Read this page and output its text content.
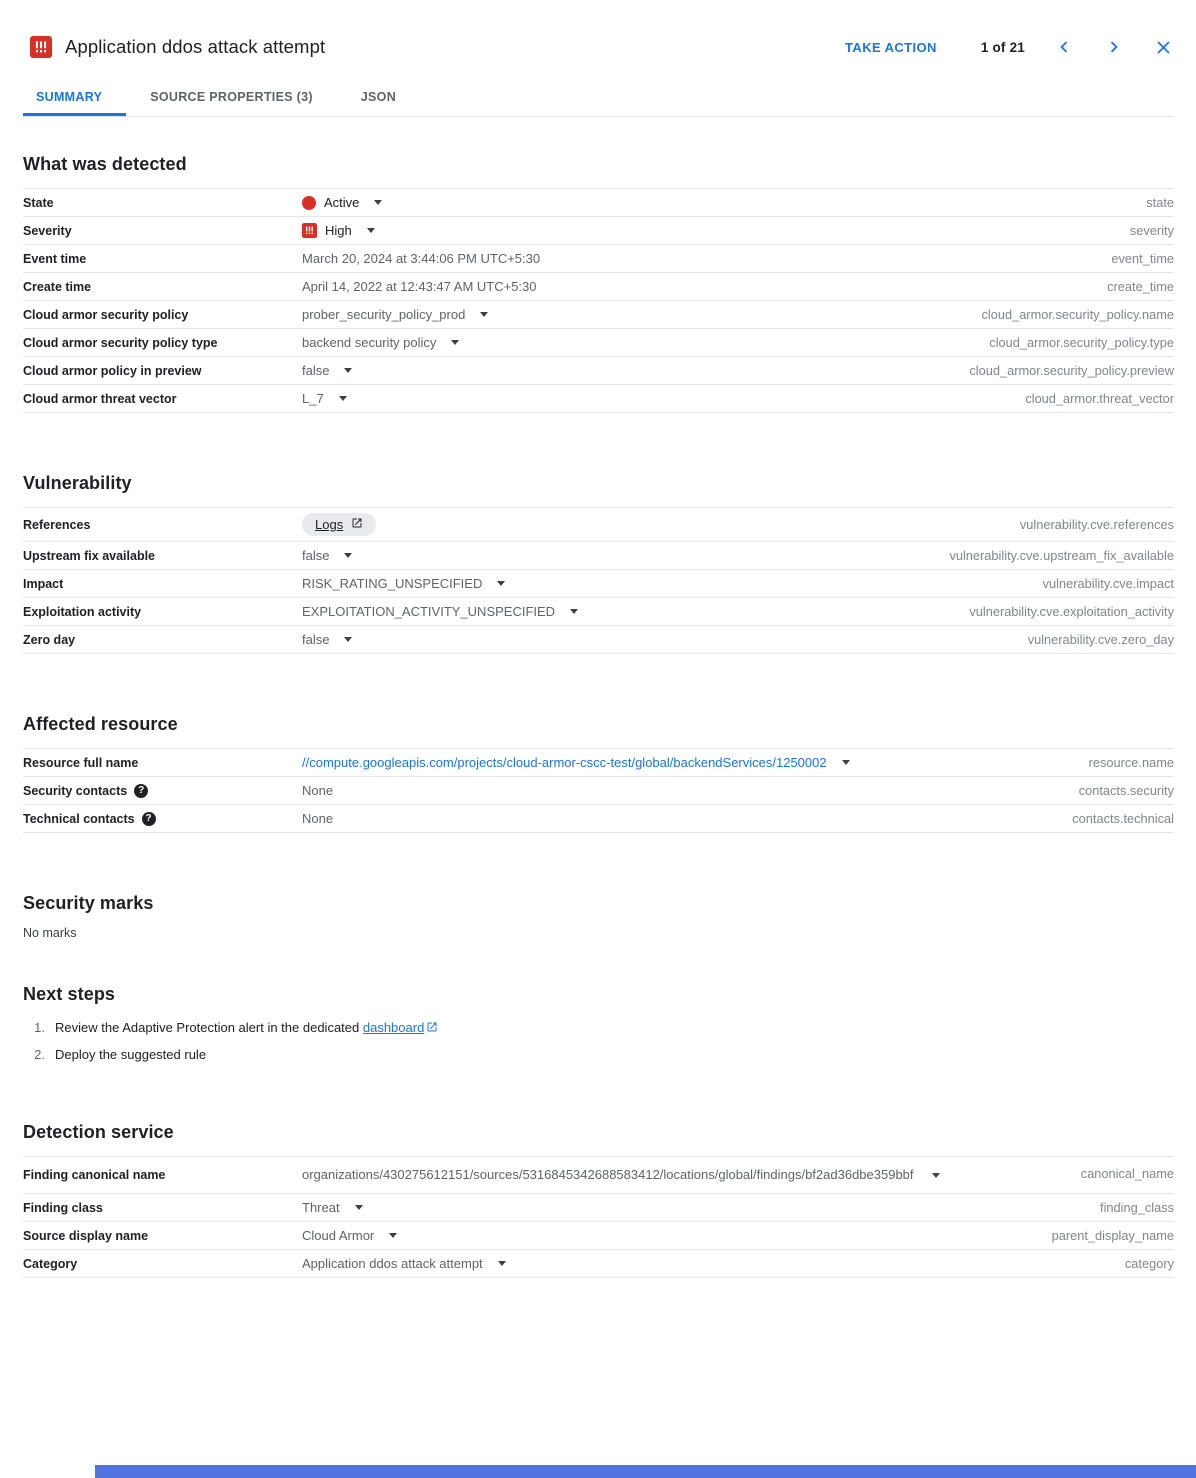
Application ddos attack attempt	TAKE ACTION	1 of 21
SUMMARY	SOURCE PROPERTIES (3)	JSON
What was detected
State	Active	state
Severity	High	severity
Event time	March 20, 2024 at 3:44:06 PM UTC+5:30	event_time
Create time	April 14, 2022 at 12:43:47 AM UTC+5:30	create_time
Cloud armor security policy	prober_security_policy_prod	cloud_armor.security_policy.name
Cloud armor security policy type	backend security policy	cloud_armor.security_policy.type
Cloud armor policy in preview	false	cloud_armor.security_policy.preview
Cloud armor threat vector	L_7	cloud_armor.threat_vector
Vulnerability
References	Logs	vulnerability.cve.references
Upstream fix available	false	vulnerability.cve.upstream_fix_available
Impact	RISK_RATING_UNSPECIFIED	vulnerability.cve.impact
Exploitation activity	EXPLOITATION_ACTIVITY_UNSPECIFIED	vulnerability.cve.exploitation_activity
Zero day	false	vulnerability.cve.zero_day
Affected resource
Resource full name	//compute.googleapis.com/projects/cloud-armor-cscc-test/global/backendServices/1250002	resource.name
Security contacts ?	None	contacts.security
Technical contacts ?	None	contacts.technical
Security marks
No marks
Next steps
1. Review the Adaptive Protection alert in the dedicated dashboard
2. Deploy the suggested rule
Detection service
Finding canonical name	organizations/430275612151/sources/5316845342688583412/locations/global/findings/bf2ad36dbe359bbf	canonical_name
Finding class	Threat	finding_class
Source display name	Cloud Armor	parent_display_name
Category	Application ddos attack attempt	category
